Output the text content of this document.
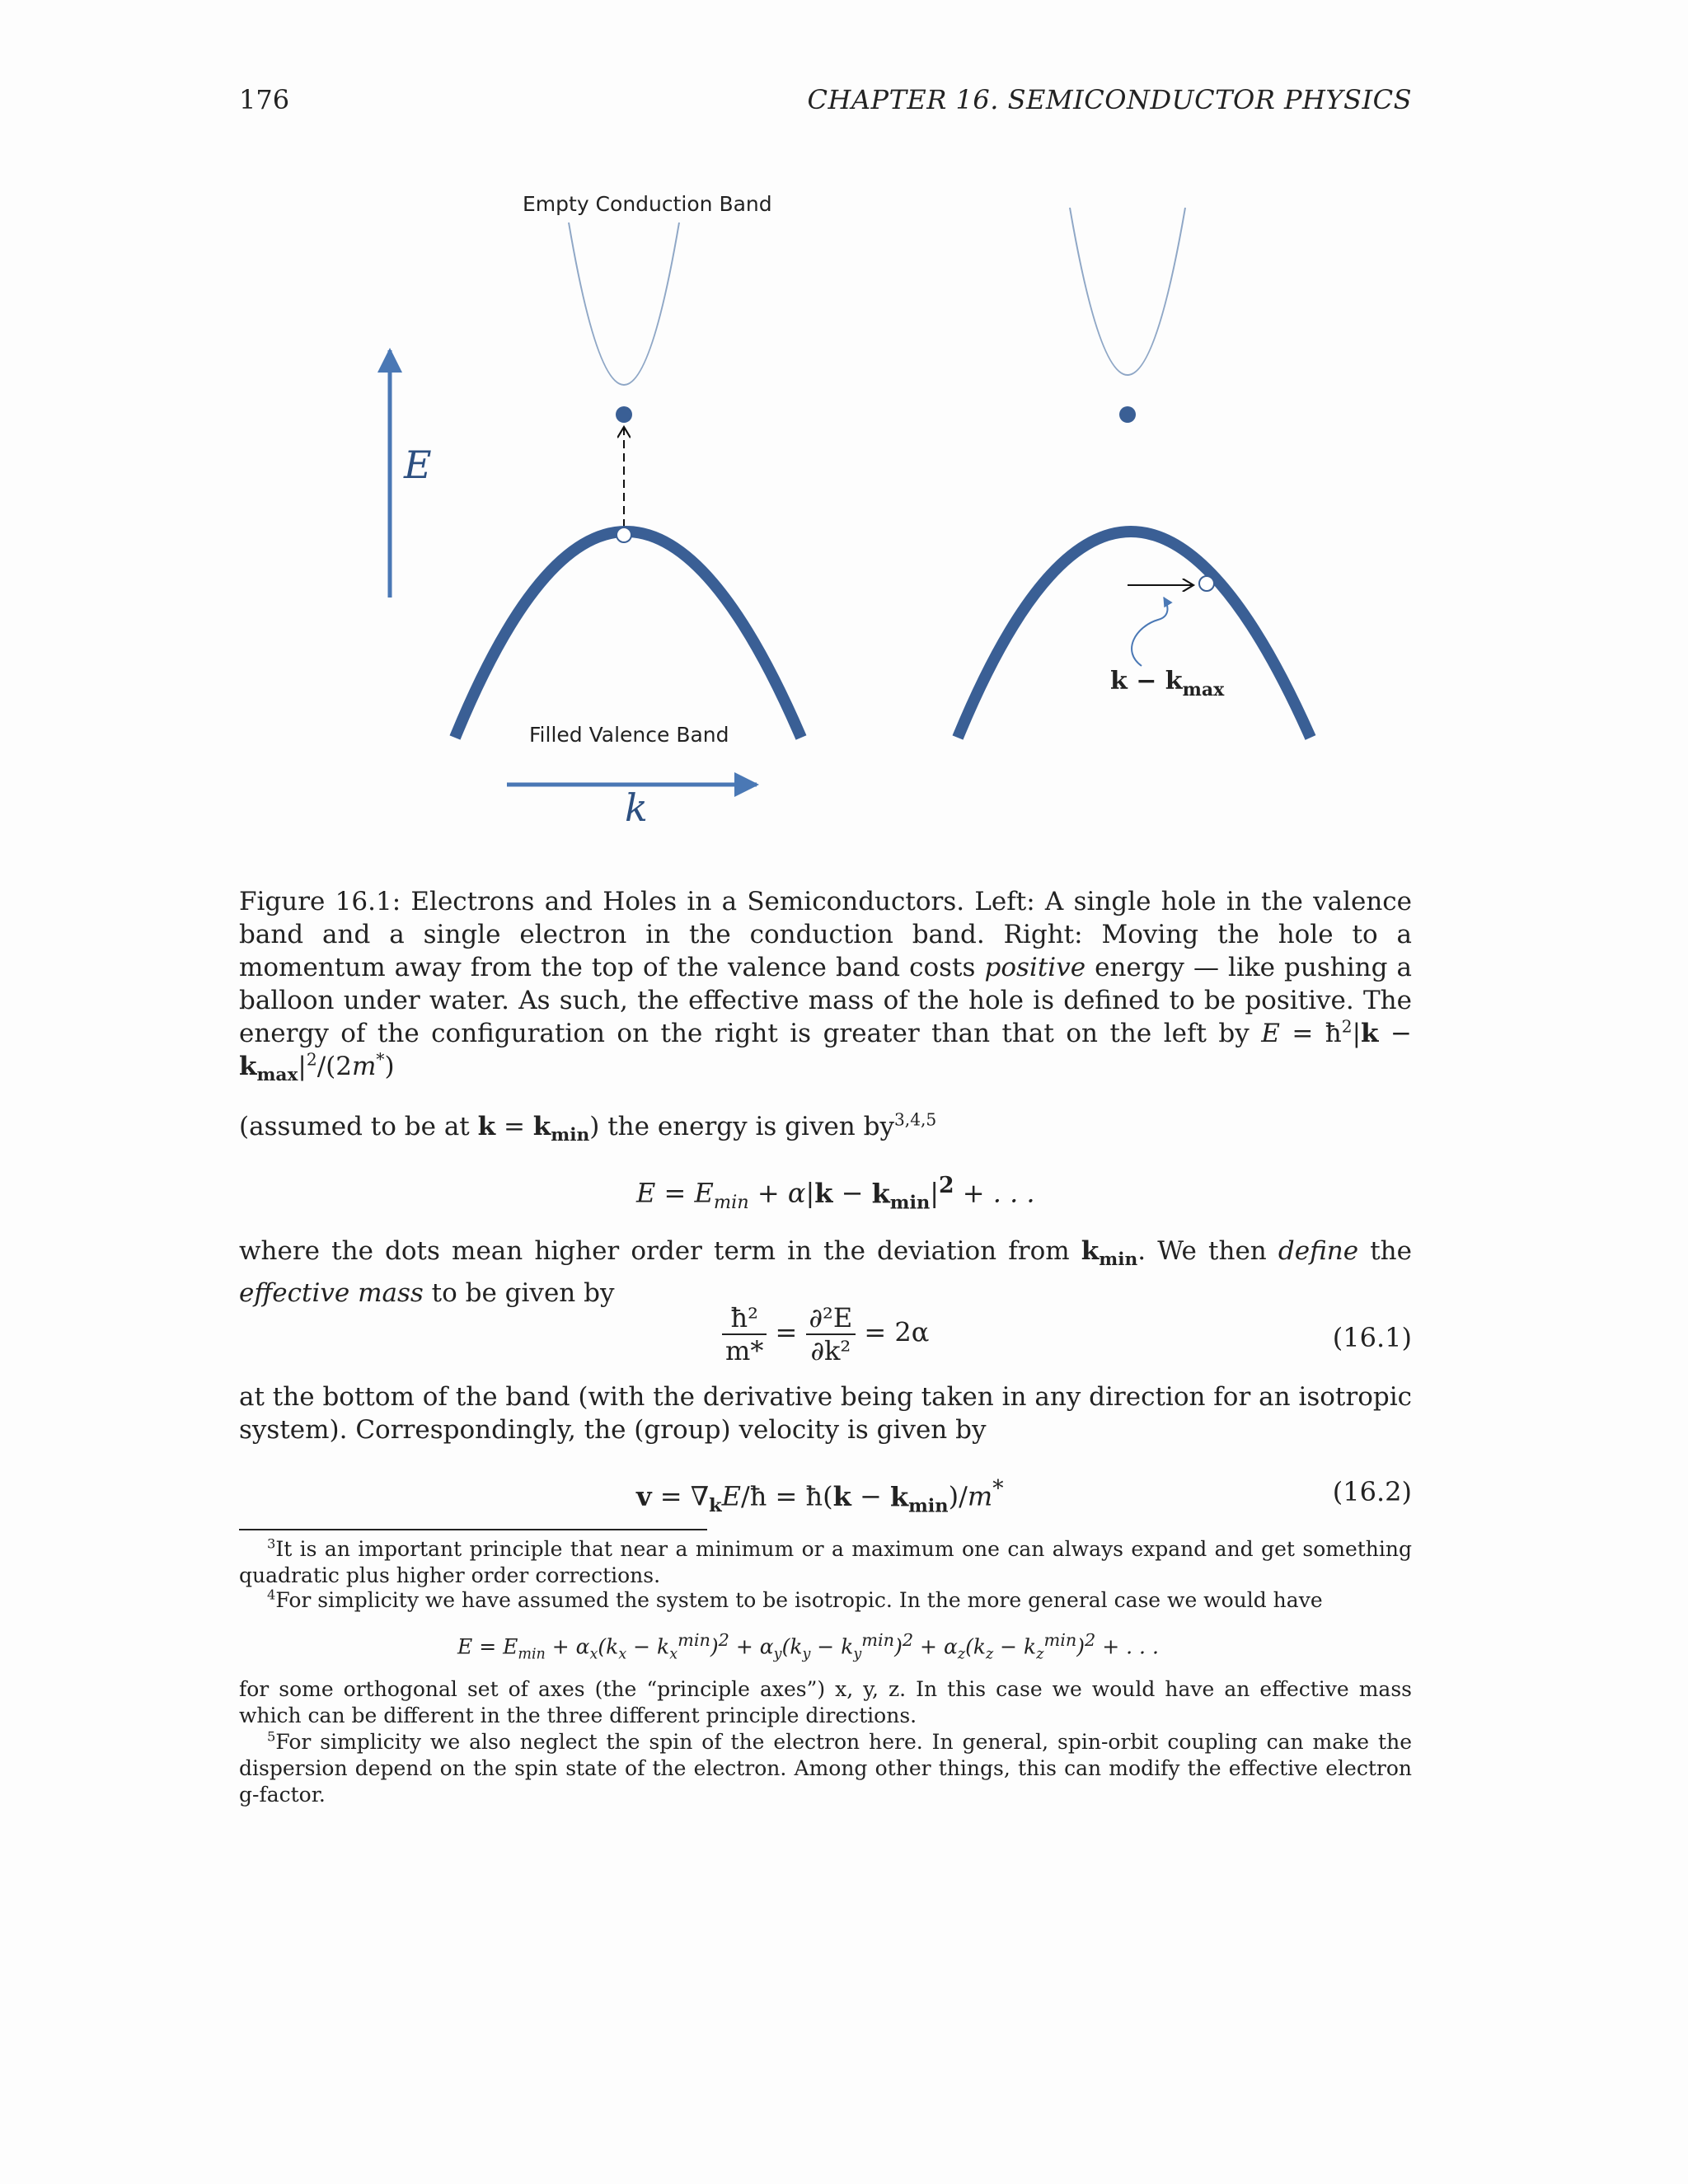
176	CHAPTER 16. SEMICONDUCTOR PHYSICS
Empty Conduction Band
E
Filled Valence Band
k
$k - k_{max}$
Figure 16.1: Electrons and Holes in a Semiconductors. Left: A single hole in the valence band and a single electron in the conduction band. Right: Moving the hole to a momentum away from the top of the valence band costs positive energy — like pushing a balloon under water. As such, the effective mass of the hole is defined to be positive. The energy of the configuration on the right is greater than that on the left by $E = ħ^2|k - k_{max}|^2/(2m^*)$
(assumed to be at $k = k_{min}$) the energy is given by$^{3,4,5}$
$E = E_{min} + \alpha|k - k_{min}|^2$ + . . .
where the dots mean higher order term in the deviation from $k_{min}$. We then define the effective mass to be given by
$\frac{\text{ħ²}}{m*} = \frac{\text{∂²E}}{\text{∂k²}} = 2\alpha$	(16.1)
at the bottom of the band (with the derivative being taken in any direction for an isotropic system). Correspondingly, the (group) velocity is given by
$v = \nabla_kE/ħ$ = ħ(k − $k_{min})/m^*$	(16.2)
$^3$It is an important principle that near a minimum or a maximum one can always expand and get something quadratic plus higher order corrections.
$^4$For simplicity we have assumed the system to be isotropic. In the more general case we would have
$E = E_{min} + \alpha_x(k_x - k_x^{min})^2 + \alpha_y(k_y - k_y^{min})^2 + \alpha_z(k_z - k_z^{min})^2$ + . . .
for some orthogonal set of axes (the “principle axes”) x, y, z. In this case we would have an effective mass which can be different in the three different principle directions.
$^5$For simplicity we also neglect the spin of the electron here. In general, spin-orbit coupling can make the dispersion depend on the spin state of the electron. Among other things, this can modify the effective electron g-factor.
